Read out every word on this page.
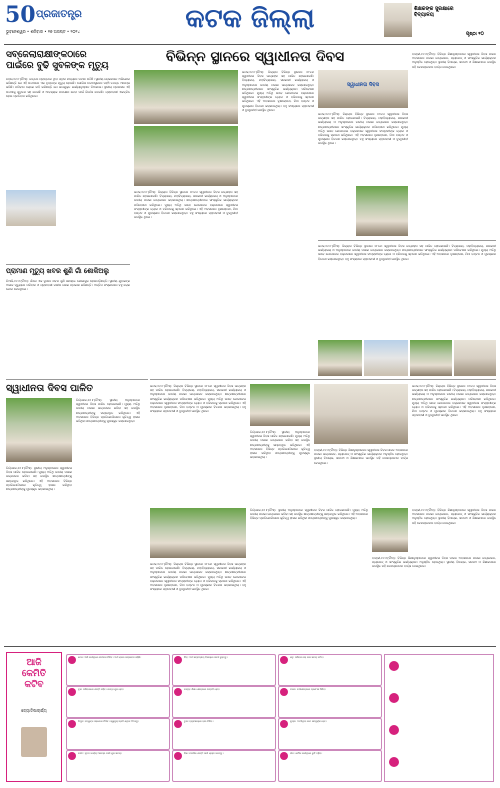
50 ପ୍ରଜାତନ୍ତ୍ର
ଭୁବନେଶ୍ୱର • ଶନିବାର • ୧୭ ଅଗଷ୍ଟ • ୨୦୨୪	କଟକ ଜିଲ୍ଲା	ଶିକ୍ଷକଙ୍କ ସୁରକ୍ଷାରେ
ବିଦ୍ୟାଳୟ
ପୃଷ୍ଠା ୧୦
ସବ୍‌ଜେଲାରାକ୍ଷୀଙ୍କଠାରେ
ପାଇଁରେ ବୁଢି ସୁବଳଙ୍କ ମୃତ୍ୟୁ
ନରାଜ,୧୬।୮(ନିଁଆ): ଉତ୍ତର ପ୍ରାନ୍ତରେ ଥିବା ଗ୍ରାମ ମଧ୍ୟରେ ଘଟଣା ଘଟିଛି। ସ୍ଥାନୀୟ ଲୋକମାନେ ଅଭିଯୋଗ କରିଛନ୍ତି ଯେ ଏହି ଘଟଣାରେ ଏକ ବୃଦ୍ଧଙ୍କ ମୃତ୍ୟୁ ହୋଇଛି। ପୋଲିସ ଘଟଣାସ୍ଥଳରେ ପହଞ୍ଚି ତଦନ୍ତ ଆରମ୍ଭ କରିଛି। ପରିବାର ଲୋକେ ଦାବି କରିଛନ୍ତି ଯେ ଉପଯୁକ୍ତ କାର୍ଯ୍ୟାନୁଷ୍ଠାନ ନିଆଯାଉ। ସ୍ଥାନୀୟ ପ୍ରଶାସନ ଏହି ଘଟଣାକୁ ଗୁରୁତର ସହ ନେଇଛି ଓ ଆବଶ୍ୟକ ପଦକ୍ଷେପ ନେବା ପାଇଁ ନିର୍ଦ୍ଦେଶ ଦେଇଛି। ଗ୍ରାମବାସୀ ଏକତ୍ରିତ ହୋଇ ପ୍ରତିବାଦ କରିଥିଲେ।
ପ୍ରାମାଣ ମୃତ୍ୟୁ ଖବର ଶୁଣି ଗାଁ ଶୋକିଅଲୁ
ନିଆଳି,୧୬।୮(ନିଁଆ): ଗାଁରେ ଏକ ଦୁଃଖଦ ଖବର ଶୁଣି ସମସ୍ତେ ଶୋକାକୁଳ ହୋଇପଡ଼ିଛନ୍ତି। ସ୍ଥାନୀୟ ଯୁବକଙ୍କ ଅକାଳ ମୃତ୍ୟୁରେ ପରିବାର ଓ ଗ୍ରାମବାସୀ ଗଭୀର ଶୋକ ପ୍ରକାଶ କରିଛନ୍ତି। ଅନ୍ତିମ ସଂସ୍କାରରେ ବହୁ ଲୋକ ଯୋଗ ଦେଇଥିଲେ।
ସ୍ୱାଧୀନତା ଦିବସ ପାଳିତ
ତିର୍ତ୍ତୋଲ,୧୬।୮(ନିଁଆ): ସ୍ଥାନୀୟ ଅନୁଷ୍ଠାନରେ ସ୍ୱାଧୀନତା ଦିବସ ପାଳିତ ହୋଇଯାଇଛି। ମୁଖ୍ୟ ଅତିଥି ଜାତୀୟ ପତାକା ଉତ୍ତୋଳନ କରିବା ସହ ଉପସ୍ଥିତ ଛାତ୍ରଛାତ୍ରୀଙ୍କୁ ସମ୍ବୋଧିତ କରିଥିଲେ। ଏହି ଅବସରରେ ବିଭିନ୍ନ ପ୍ରତିଯୋଗିତାରେ କୃତିତ୍ୱ ହାସଲ କରିଥିବା ଛାତ୍ରଛାତ୍ରୀଙ୍କୁ ପୁରସ୍କୃତ କରାଯାଇଥିଲା।
ତିର୍ତ୍ତୋଲ,୧୬।୮(ନିଁଆ): ସ୍ଥାନୀୟ ଅନୁଷ୍ଠାନରେ ସ୍ୱାଧୀନତା ଦିବସ ପାଳିତ ହୋଇଯାଇଛି। ମୁଖ୍ୟ ଅତିଥି ଜାତୀୟ ପତାକା ଉତ୍ତୋଳନ କରିବା ସହ ଉପସ୍ଥିତ ଛାତ୍ରଛାତ୍ରୀଙ୍କୁ ସମ୍ବୋଧିତ କରିଥିଲେ। ଏହି ଅବସରରେ ବିଭିନ୍ନ ପ୍ରତିଯୋଗିତାରେ କୃତିତ୍ୱ ହାସଲ କରିଥିବା ଛାତ୍ରଛାତ୍ରୀଙ୍କୁ ପୁରସ୍କୃତ କରାଯାଇଥିଲା।
ବିଭିନ୍ନ ସ୍ଥାନରେ ସ୍ୱାଧୀନତା ଦିବସ
କଟକ,୧୬।୮(ନିଁଆ): ଜିଲ୍ଲାର ବିଭିନ୍ନ ସ୍ଥାନରେ ୭୮ତମ ସ୍ୱାଧୀନତା ଦିବସ ଉତ୍ସାହର ସହ ପାଳିତ ହୋଇଯାଇଛି। ବିଦ୍ୟାଳୟ, ମହାବିଦ୍ୟାଳୟ, ସରକାରୀ କାର୍ଯ୍ୟାଳୟ ଓ ଅନୁଷ୍ଠାନରେ ଜାତୀୟ ପତାକା ଉତ୍ତୋଳନ କରାଯାଇଥିଲା। ଛାତ୍ରଛାତ୍ରୀମାନେ ସାଂସ୍କୃତିକ କାର୍ଯ୍ୟକ୍ରମ ପରିବେଷଣ କରିଥିଲେ। ମୁଖ୍ୟ ଅତିଥି ଭାବେ ଯୋଗଦେଇ ବକ୍ତାମାନେ ସ୍ୱାଧୀନତା ସଂଗ୍ରାମୀଙ୍କ ତ୍ୟାଗ ଓ ବଳିଦାନକୁ ସ୍ମରଣ କରିଥିଲେ। ଏହି ଅବସରରେ ବୃକ୍ଷରୋପଣ, ମିଠା ବଣ୍ଟନ ଓ ପୁରସ୍କାର ବିତରଣ କରାଯାଇଥିଲା। ବହୁ ସଂଖ୍ୟାରେ ଗ୍ରାମବାସୀ ଓ ବୁଦ୍ଧିଜୀବୀ ଉପସ୍ଥିତ ଥିଲେ।
କଟକ,୧୬।୮(ନିଁଆ): ଜିଲ୍ଲାର ବିଭିନ୍ନ ସ୍ଥାନରେ ୭୮ତମ ସ୍ୱାଧୀନତା ଦିବସ ଉତ୍ସାହର ସହ ପାଳିତ ହୋଇଯାଇଛି। ବିଦ୍ୟାଳୟ, ମହାବିଦ୍ୟାଳୟ, ସରକାରୀ କାର୍ଯ୍ୟାଳୟ ଓ ଅନୁଷ୍ଠାନରେ ଜାତୀୟ ପତାକା ଉତ୍ତୋଳନ କରାଯାଇଥିଲା। ଛାତ୍ରଛାତ୍ରୀମାନେ ସାଂସ୍କୃତିକ କାର୍ଯ୍ୟକ୍ରମ ପରିବେଷଣ କରିଥିଲେ। ମୁଖ୍ୟ ଅତିଥି ଭାବେ ଯୋଗଦେଇ ବକ୍ତାମାନେ ସ୍ୱାଧୀନତା ସଂଗ୍ରାମୀଙ୍କ ତ୍ୟାଗ ଓ ବଳିଦାନକୁ ସ୍ମରଣ କରିଥିଲେ। ଏହି ଅବସରରେ ବୃକ୍ଷରୋପଣ, ମିଠା ବଣ୍ଟନ ଓ ପୁରସ୍କାର ବିତରଣ କରାଯାଇଥିଲା। ବହୁ ସଂଖ୍ୟାରେ ଗ୍ରାମବାସୀ ଓ ବୁଦ୍ଧିଜୀବୀ ଉପସ୍ଥିତ ଥିଲେ।
ସ୍ୱାଧୀନତା ଦିବସ
କଟକ,୧୬।୮(ନିଁଆ): ଜିଲ୍ଲାର ବିଭିନ୍ନ ସ୍ଥାନରେ ୭୮ତମ ସ୍ୱାଧୀନତା ଦିବସ ଉତ୍ସାହର ସହ ପାଳିତ ହୋଇଯାଇଛି। ବିଦ୍ୟାଳୟ, ମହାବିଦ୍ୟାଳୟ, ସରକାରୀ କାର୍ଯ୍ୟାଳୟ ଓ ଅନୁଷ୍ଠାନରେ ଜାତୀୟ ପତାକା ଉତ୍ତୋଳନ କରାଯାଇଥିଲା। ଛାତ୍ରଛାତ୍ରୀମାନେ ସାଂସ୍କୃତିକ କାର୍ଯ୍ୟକ୍ରମ ପରିବେଷଣ କରିଥିଲେ। ମୁଖ୍ୟ ଅତିଥି ଭାବେ ଯୋଗଦେଇ ବକ୍ତାମାନେ ସ୍ୱାଧୀନତା ସଂଗ୍ରାମୀଙ୍କ ତ୍ୟାଗ ଓ ବଳିଦାନକୁ ସ୍ମରଣ କରିଥିଲେ। ଏହି ଅବସରରେ ବୃକ୍ଷରୋପଣ, ମିଠା ବଣ୍ଟନ ଓ ପୁରସ୍କାର ବିତରଣ କରାଯାଇଥିଲା। ବହୁ ସଂଖ୍ୟାରେ ଗ୍ରାମବାସୀ ଓ ବୁଦ୍ଧିଜୀବୀ ଉପସ୍ଥିତ ଥିଲେ।
ବାଙ୍କୀ,୧୬।୮(ନିଁଆ): ବିଭିନ୍ନ ଶିକ୍ଷାନୁଷ୍ଠାନରେ ସ୍ୱାଧୀନତା ଦିବସ ପାଳନ ଅବସରରେ ପତାକା ଉତ୍ତୋଳନ, ପ୍ୟାରେଡ୍ ଓ ସାଂସ୍କୃତିକ କାର୍ଯ୍ୟକ୍ରମ ଅନୁଷ୍ଠିତ ହୋଇଥିଲା। ସ୍ଥାନୀୟ ବିଧାୟକ, ସରପଞ୍ଚ ଓ ଶିକ୍ଷକମାନେ ଉପସ୍ଥିତ ରହି ଦେଶପ୍ରେମର ବାର୍ତ୍ତା ଦେଇଥିଲେ।
କଟକ,୧୬।୮(ନିଁଆ): ଜିଲ୍ଲାର ବିଭିନ୍ନ ସ୍ଥାନରେ ୭୮ତମ ସ୍ୱାଧୀନତା ଦିବସ ଉତ୍ସାହର ସହ ପାଳିତ ହୋଇଯାଇଛି। ବିଦ୍ୟାଳୟ, ମହାବିଦ୍ୟାଳୟ, ସରକାରୀ କାର୍ଯ୍ୟାଳୟ ଓ ଅନୁଷ୍ଠାନରେ ଜାତୀୟ ପତାକା ଉତ୍ତୋଳନ କରାଯାଇଥିଲା। ଛାତ୍ରଛାତ୍ରୀମାନେ ସାଂସ୍କୃତିକ କାର୍ଯ୍ୟକ୍ରମ ପରିବେଷଣ କରିଥିଲେ। ମୁଖ୍ୟ ଅତିଥି ଭାବେ ଯୋଗଦେଇ ବକ୍ତାମାନେ ସ୍ୱାଧୀନତା ସଂଗ୍ରାମୀଙ୍କ ତ୍ୟାଗ ଓ ବଳିଦାନକୁ ସ୍ମରଣ କରିଥିଲେ। ଏହି ଅବସରରେ ବୃକ୍ଷରୋପଣ, ମିଠା ବଣ୍ଟନ ଓ ପୁରସ୍କାର ବିତରଣ କରାଯାଇଥିଲା। ବହୁ ସଂଖ୍ୟାରେ ଗ୍ରାମବାସୀ ଓ ବୁଦ୍ଧିଜୀବୀ ଉପସ୍ଥିତ ଥିଲେ।
କଟକ,୧୬।୮(ନିଁଆ): ଜିଲ୍ଲାର ବିଭିନ୍ନ ସ୍ଥାନରେ ୭୮ତମ ସ୍ୱାଧୀନତା ଦିବସ ଉତ୍ସାହର ସହ ପାଳିତ ହୋଇଯାଇଛି। ବିଦ୍ୟାଳୟ, ମହାବିଦ୍ୟାଳୟ, ସରକାରୀ କାର୍ଯ୍ୟାଳୟ ଓ ଅନୁଷ୍ଠାନରେ ଜାତୀୟ ପତାକା ଉତ୍ତୋଳନ କରାଯାଇଥିଲା। ଛାତ୍ରଛାତ୍ରୀମାନେ ସାଂସ୍କୃତିକ କାର୍ଯ୍ୟକ୍ରମ ପରିବେଷଣ କରିଥିଲେ। ମୁଖ୍ୟ ଅତିଥି ଭାବେ ଯୋଗଦେଇ ବକ୍ତାମାନେ ସ୍ୱାଧୀନତା ସଂଗ୍ରାମୀଙ୍କ ତ୍ୟାଗ ଓ ବଳିଦାନକୁ ସ୍ମରଣ କରିଥିଲେ। ଏହି ଅବସରରେ ବୃକ୍ଷରୋପଣ, ମିଠା ବଣ୍ଟନ ଓ ପୁରସ୍କାର ବିତରଣ କରାଯାଇଥିଲା। ବହୁ ସଂଖ୍ୟାରେ ଗ୍ରାମବାସୀ ଓ ବୁଦ୍ଧିଜୀବୀ ଉପସ୍ଥିତ ଥିଲେ।
ତିର୍ତ୍ତୋଲ,୧୬।୮(ନିଁଆ): ସ୍ଥାନୀୟ ଅନୁଷ୍ଠାନରେ ସ୍ୱାଧୀନତା ଦିବସ ପାଳିତ ହୋଇଯାଇଛି। ମୁଖ୍ୟ ଅତିଥି ଜାତୀୟ ପତାକା ଉତ୍ତୋଳନ କରିବା ସହ ଉପସ୍ଥିତ ଛାତ୍ରଛାତ୍ରୀଙ୍କୁ ସମ୍ବୋଧିତ କରିଥିଲେ। ଏହି ଅବସରରେ ବିଭିନ୍ନ ପ୍ରତିଯୋଗିତାରେ କୃତିତ୍ୱ ହାସଲ କରିଥିବା ଛାତ୍ରଛାତ୍ରୀଙ୍କୁ ପୁରସ୍କୃତ କରାଯାଇଥିଲା।
ବାଙ୍କୀ,୧୬।୮(ନିଁଆ): ବିଭିନ୍ନ ଶିକ୍ଷାନୁଷ୍ଠାନରେ ସ୍ୱାଧୀନତା ଦିବସ ପାଳନ ଅବସରରେ ପତାକା ଉତ୍ତୋଳନ, ପ୍ୟାରେଡ୍ ଓ ସାଂସ୍କୃତିକ କାର୍ଯ୍ୟକ୍ରମ ଅନୁଷ୍ଠିତ ହୋଇଥିଲା। ସ୍ଥାନୀୟ ବିଧାୟକ, ସରପଞ୍ଚ ଓ ଶିକ୍ଷକମାନେ ଉପସ୍ଥିତ ରହି ଦେଶପ୍ରେମର ବାର୍ତ୍ତା ଦେଇଥିଲେ।
କଟକ,୧୬।୮(ନିଁଆ): ଜିଲ୍ଲାର ବିଭିନ୍ନ ସ୍ଥାନରେ ୭୮ତମ ସ୍ୱାଧୀନତା ଦିବସ ଉତ୍ସାହର ସହ ପାଳିତ ହୋଇଯାଇଛି। ବିଦ୍ୟାଳୟ, ମହାବିଦ୍ୟାଳୟ, ସରକାରୀ କାର୍ଯ୍ୟାଳୟ ଓ ଅନୁଷ୍ଠାନରେ ଜାତୀୟ ପତାକା ଉତ୍ତୋଳନ କରାଯାଇଥିଲା। ଛାତ୍ରଛାତ୍ରୀମାନେ ସାଂସ୍କୃତିକ କାର୍ଯ୍ୟକ୍ରମ ପରିବେଷଣ କରିଥିଲେ। ମୁଖ୍ୟ ଅତିଥି ଭାବେ ଯୋଗଦେଇ ବକ୍ତାମାନେ ସ୍ୱାଧୀନତା ସଂଗ୍ରାମୀଙ୍କ ତ୍ୟାଗ ଓ ବଳିଦାନକୁ ସ୍ମରଣ କରିଥିଲେ। ଏହି ଅବସରରେ ବୃକ୍ଷରୋପଣ, ମିଠା ବଣ୍ଟନ ଓ ପୁରସ୍କାର ବିତରଣ କରାଯାଇଥିଲା। ବହୁ ସଂଖ୍ୟାରେ ଗ୍ରାମବାସୀ ଓ ବୁଦ୍ଧିଜୀବୀ ଉପସ୍ଥିତ ଥିଲେ।
କଟକ,୧୬।୮(ନିଁଆ): ଜିଲ୍ଲାର ବିଭିନ୍ନ ସ୍ଥାନରେ ୭୮ତମ ସ୍ୱାଧୀନତା ଦିବସ ଉତ୍ସାହର ସହ ପାଳିତ ହୋଇଯାଇଛି। ବିଦ୍ୟାଳୟ, ମହାବିଦ୍ୟାଳୟ, ସରକାରୀ କାର୍ଯ୍ୟାଳୟ ଓ ଅନୁଷ୍ଠାନରେ ଜାତୀୟ ପତାକା ଉତ୍ତୋଳନ କରାଯାଇଥିଲା। ଛାତ୍ରଛାତ୍ରୀମାନେ ସାଂସ୍କୃତିକ କାର୍ଯ୍ୟକ୍ରମ ପରିବେଷଣ କରିଥିଲେ। ମୁଖ୍ୟ ଅତିଥି ଭାବେ ଯୋଗଦେଇ ବକ୍ତାମାନେ ସ୍ୱାଧୀନତା ସଂଗ୍ରାମୀଙ୍କ ତ୍ୟାଗ ଓ ବଳିଦାନକୁ ସ୍ମରଣ କରିଥିଲେ। ଏହି ଅବସରରେ ବୃକ୍ଷରୋପଣ, ମିଠା ବଣ୍ଟନ ଓ ପୁରସ୍କାର ବିତରଣ କରାଯାଇଥିଲା। ବହୁ ସଂଖ୍ୟାରେ ଗ୍ରାମବାସୀ ଓ ବୁଦ୍ଧିଜୀବୀ ଉପସ୍ଥିତ ଥିଲେ।
ତିର୍ତ୍ତୋଲ,୧୬।୮(ନିଁଆ): ସ୍ଥାନୀୟ ଅନୁଷ୍ଠାନରେ ସ୍ୱାଧୀନତା ଦିବସ ପାଳିତ ହୋଇଯାଇଛି। ମୁଖ୍ୟ ଅତିଥି ଜାତୀୟ ପତାକା ଉତ୍ତୋଳନ କରିବା ସହ ଉପସ୍ଥିତ ଛାତ୍ରଛାତ୍ରୀଙ୍କୁ ସମ୍ବୋଧିତ କରିଥିଲେ। ଏହି ଅବସରରେ ବିଭିନ୍ନ ପ୍ରତିଯୋଗିତାରେ କୃତିତ୍ୱ ହାସଲ କରିଥିବା ଛାତ୍ରଛାତ୍ରୀଙ୍କୁ ପୁରସ୍କୃତ କରାଯାଇଥିଲା।
ବାଙ୍କୀ,୧୬।୮(ନିଁଆ): ବିଭିନ୍ନ ଶିକ୍ଷାନୁଷ୍ଠାନରେ ସ୍ୱାଧୀନତା ଦିବସ ପାଳନ ଅବସରରେ ପତାକା ଉତ୍ତୋଳନ, ପ୍ୟାରେଡ୍ ଓ ସାଂସ୍କୃତିକ କାର୍ଯ୍ୟକ୍ରମ ଅନୁଷ୍ଠିତ ହୋଇଥିଲା। ସ୍ଥାନୀୟ ବିଧାୟକ, ସରପଞ୍ଚ ଓ ଶିକ୍ଷକମାନେ ଉପସ୍ଥିତ ରହି ଦେଶପ୍ରେମର ବାର୍ତ୍ତା ଦେଇଥିଲେ।
ବାଙ୍କୀ,୧୬।୮(ନିଁଆ): ବିଭିନ୍ନ ଶିକ୍ଷାନୁଷ୍ଠାନରେ ସ୍ୱାଧୀନତା ଦିବସ ପାଳନ ଅବସରରେ ପତାକା ଉତ୍ତୋଳନ, ପ୍ୟାରେଡ୍ ଓ ସାଂସ୍କୃତିକ କାର୍ଯ୍ୟକ୍ରମ ଅନୁଷ୍ଠିତ ହୋଇଥିଲା। ସ୍ଥାନୀୟ ବିଧାୟକ, ସରପଞ୍ଚ ଓ ଶିକ୍ଷକମାନେ ଉପସ୍ଥିତ ରହି ଦେଶପ୍ରେମର ବାର୍ତ୍ତା ଦେଇଥିଲେ।
ଆଜି
କେମିତି
କଟିବ
ଜ୍ୟୋତିଷାଚାର୍ଯ୍ୟ
ମେଷ: ଆଜି କାର୍ଯ୍ୟରେ ସଫଳତା ମିଳିବ। ଅର୍ଥ ଲାଭର ସମ୍ଭାବନା ରହିଛି।
ବୃଷ: ପରିବାରରେ ଶାନ୍ତି ରହିବ। ଯାତ୍ରା ଶୁଭ ହେବ।
ମିଥୁନ: ବନ୍ଧୁଙ୍କ ସହଯୋଗ ମିଳିବ। ସ୍ୱାସ୍ଥ୍ୟ ପ୍ରତି ଧ୍ୟାନ ଦିଅନ୍ତୁ।
କର୍କଟ: ନୂତନ କାର୍ଯ୍ୟ ଆରମ୍ଭ ପାଇଁ ଶୁଭ ସମୟ।
ସିଂହ: ଅର୍ଥ ସମ୍ବନ୍ଧୀୟ ବିଷୟରେ ସତର୍କ ରୁହନ୍ତୁ।
କନ୍ୟା: ଶିକ୍ଷା କ୍ଷେତ୍ରରେ ଉନ୍ନତି ହେବ।
ତୁଳା: ବ୍ୟବସାୟରେ ଲାଭ ମିଳିବ।
ବିଛା: ମାନସିକ ଶାନ୍ତି ପାଇଁ ଧ୍ୟାନ କରନ୍ତୁ।
ଧନୁ: ପରିବାର ସହ ଭଲ ସମୟ କଟିବ।
ମକର: କର୍ମକ୍ଷେତ୍ରରେ ପ୍ରଶଂସା ମିଳିବ।
କୁମ୍ଭ: ଅଟକିଥିବା କାମ ସମ୍ପୂର୍ଣ୍ଣ ହେବ।
ମୀନ: ଧାର୍ମିକ କାର୍ଯ୍ୟରେ ରୁଚି ବଢ଼ିବ।
